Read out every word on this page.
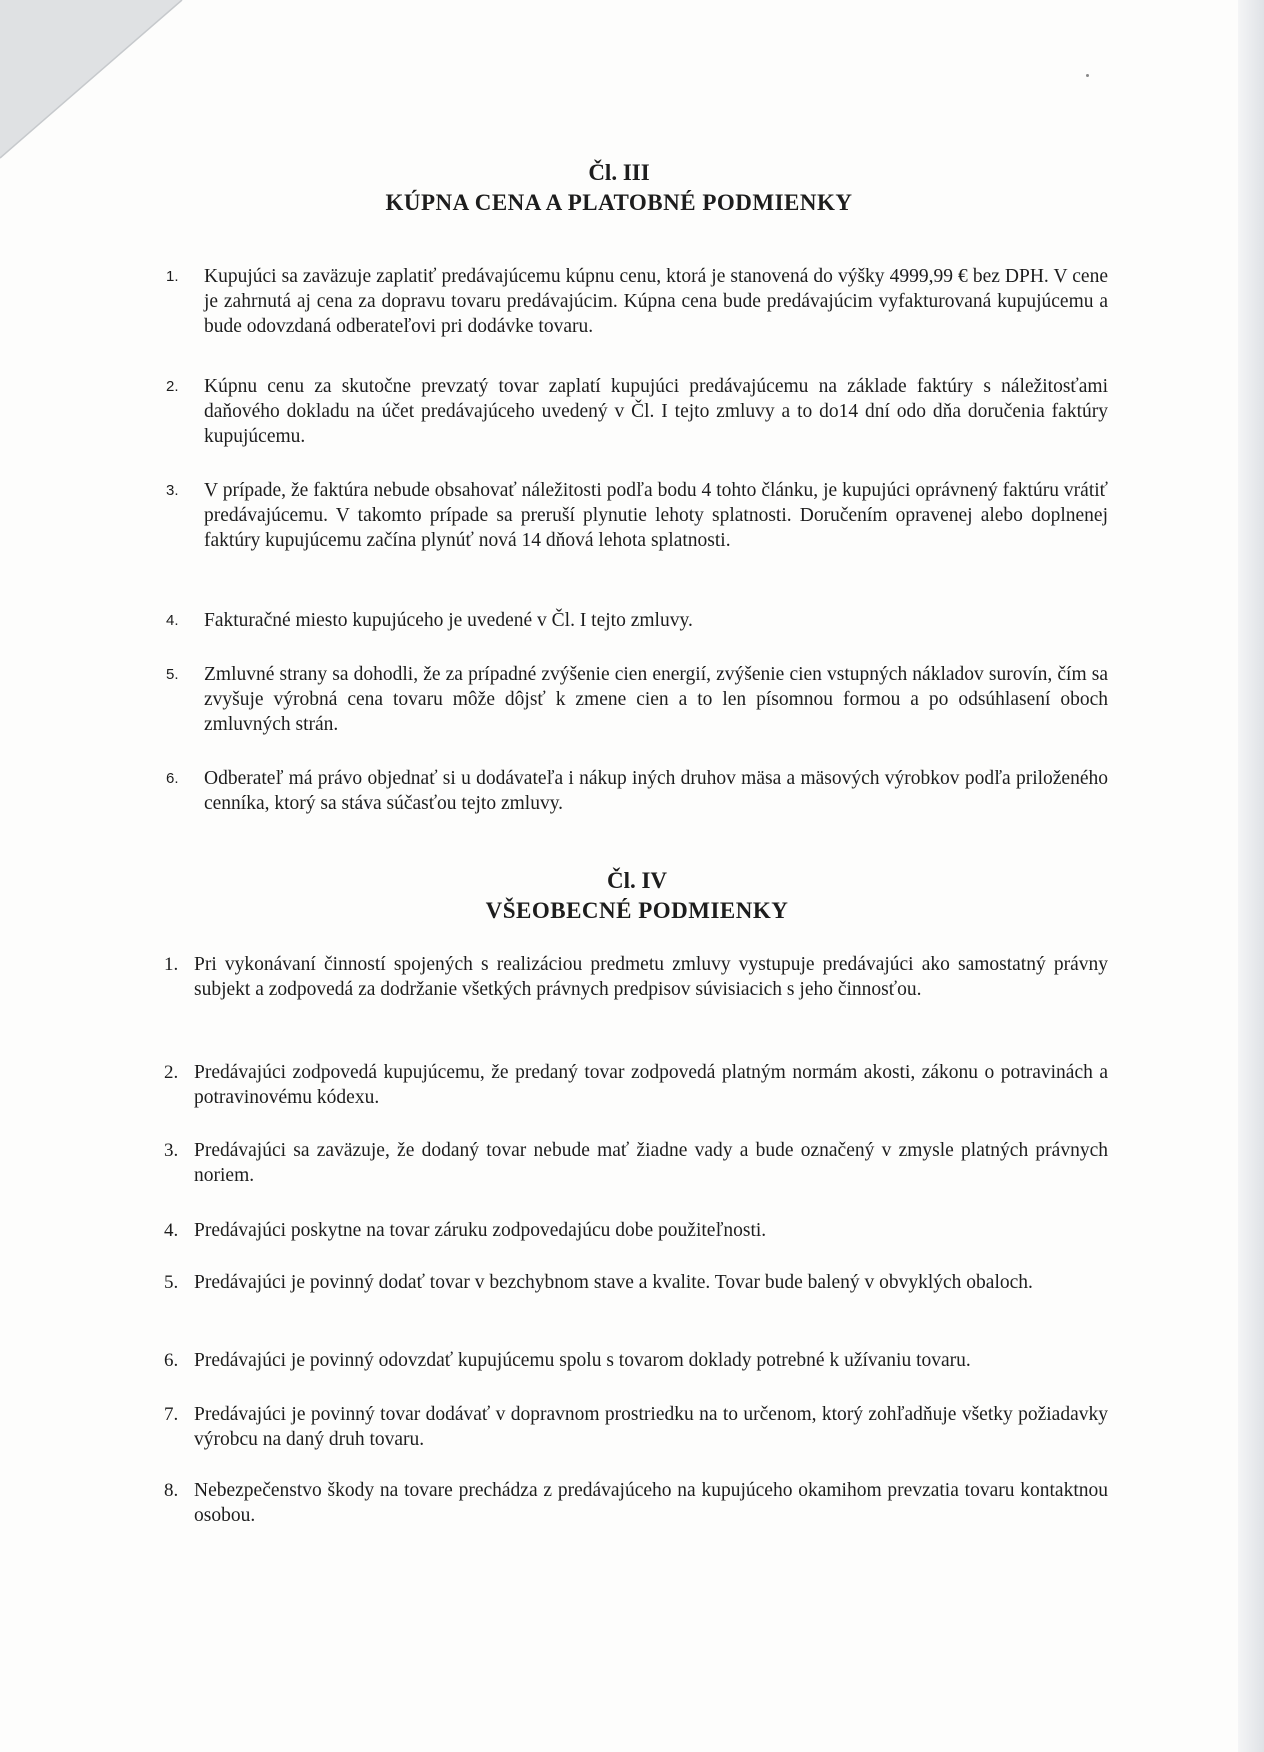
Čl. III
KÚPNA CENA A PLATOBNÉ PODMIENKY
1. Kupujúci sa zaväzuje zaplatiť predávajúcemu kúpnu cenu, ktorá je stanovená do výšky 4999,99 € bez DPH. V cene je zahrnutá aj cena za dopravu tovaru predávajúcim. Kúpna cena bude predávajúcim vyfakturovaná kupujúcemu a bude odovzdaná odberateľovi pri dodávke tovaru.
2. Kúpnu cenu za skutočne prevzatý tovar zaplatí kupujúci predávajúcemu na základe faktúry s náležitosťami daňového dokladu na účet predávajúceho uvedený v Čl. I tejto zmluvy a to do14 dní odo dňa doručenia faktúry kupujúcemu.
3. V prípade, že faktúra nebude obsahovať náležitosti podľa bodu 4 tohto článku, je kupujúci oprávnený faktúru vrátiť predávajúcemu. V takomto prípade sa preruší plynutie lehoty splatnosti. Doručením opravenej alebo doplnenej faktúry kupujúcemu začína plynúť nová 14 dňová lehota splatnosti.
4. Fakturačné miesto kupujúceho je uvedené v Čl. I tejto zmluvy.
5. Zmluvné strany sa dohodli, že za prípadné zvýšenie cien energií, zvýšenie cien vstupných nákladov surovín, čím sa zvyšuje výrobná cena tovaru môže dôjsť k zmene cien a to len písomnou formou a po odsúhlasení oboch zmluvných strán.
6. Odberateľ má právo objednať si u dodávateľa i nákup iných druhov mäsa a mäsových výrobkov podľa priloženého cenníka, ktorý sa stáva súčasťou tejto zmluvy.
Čl. IV
VŠEOBECNÉ PODMIENKY
1. Pri vykonávaní činností spojených s realizáciou predmetu zmluvy vystupuje predávajúci ako samostatný právny subjekt a zodpovedá za dodržanie všetkých právnych predpisov súvisiacich s jeho činnosťou.
2. Predávajúci zodpovedá kupujúcemu, že predaný tovar zodpovedá platným normám akosti, zákonu o potravinách a potravinovému kódexu.
3. Predávajúci sa zaväzuje, že dodaný tovar nebude mať žiadne vady a bude označený v zmysle platných právnych noriem.
4. Predávajúci poskytne na tovar záruku zodpovedajúcu dobe použiteľnosti.
5. Predávajúci je povinný dodať tovar v bezchybnom stave a kvalite. Tovar bude balený v obvyklých obaloch.
6. Predávajúci je povinný odovzdať kupujúcemu spolu s tovarom doklady potrebné k užívaniu tovaru.
7. Predávajúci je povinný tovar dodávať v dopravnom prostriedku na to určenom, ktorý zohľadňuje všetky požiadavky výrobcu na daný druh tovaru.
8. Nebezpečenstvo škody na tovare prechádza z predávajúceho na kupujúceho okamihom prevzatia tovaru kontaktnou osobou.
